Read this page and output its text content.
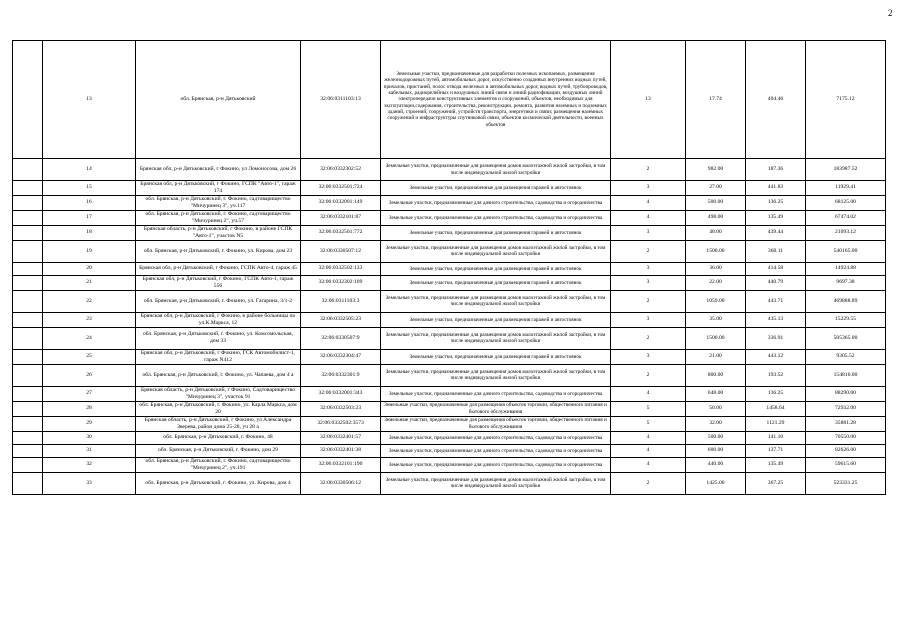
2
	13	обл. Брянская, р-н Дятьковский	32:06:0311103:13	Земельные участки, предназначенные для разработки полезных ископаемых, размещения железнодорожных путей, автомобильных дорог, искусственно созданных внутренних водных путей, причалов, пристаней, полос отвода железных и автомобильных дорог, водных путей, трубопроводов, кабельных, радиорелейных и воздушных линий связи и линий радиофикации, воздушных линий электропередачи конструктивных элементов и сооружений, объектов, необходимых для эксплуатации,содержания, строительства, реконструкции, ремонта, развития наземных и подземных зданий, строений, сооружений, устройств транспорта, энергетики и связи; размещения наземных сооружений и инфраструктуры спутниковой связи, объектов космической деятельности, военных объектов	13	17.74	404.46	7175.12
	14	Брянская обл, р-н Дятьковский, г Фокино, ул Ломоносова, дом 26	32:06:0332302:52	Земельные участки, предназначенные для размещения домов малоэтажной жилой застройки, в том числе индивидуальной жилой застройки	2	982.00	187.36	183987.52
	15	Брянская обл, р-н Дятьковский, г Фокино, ГСПК "Авто-1", гараж 174	32:06:0332501:724	Земельные участки, предназначенные для размещения гаражей и автостоянок	3	27.00	441.83	11929.41
	16	обл. Брянская, р-н Дятьковский, г. Фокино, садтоварищество "Мичуринец 3", уч.117	32:06:0332001:149	Земельные участки, предназначенные для дачного строительства, садоводства и огородничества	4	500.00	136.25	68125.00
	17	обл. Брянская, р-н Дятьковский, г. Фокино, садтоварищество "Мичуринец 2", уч.57	32:06:0332101:87	Земельные участки, предназначенные для дачного строительства, садоводства и огородничества	4	498.00	135.49	67474.02
	18	Брянская область, р-н Дятьковский, г Фокино, в районе ГСПК "Авто-1", участок N5	32:06:0332501:772	Земельные участки, предназначенные для размещения гаражей и автостоянок	3	48.00	439.44	21093.12
	19	обл. Брянская, р-н Дятьковский, г. Фокино, ул. Кирова, дом 23	32:06:0330507:12	Земельные участки, предназначенные для размещения домов малоэтажной жилой застройки, в том числе индивидуальной жилой застройки	2	1500.00	360.11	540165.00
	20	Брянская обл, р-н Дятьковский, г Фокино, ГСПК Авто-4, гараж 45	32:06:0332502:133	Земельные участки, предназначенные для размещения гаражей и автостоянок	3	36.00	414.58	14924.88
	21	Брянская обл, р-н Дятьковский, г Фокино, ГСПК Авто-1, гараж 556	32:06:0332302:109	Земельные участки, предназначенные для размещения гаражей и автостоянок	3	22.00	440.79	9697.38
	22	обл. Брянская, р-н Дятьковский, г. Фокино, ул. Гагарина, 3/1-2	32:06:0311103:3	Земельные участки, предназначенные для размещения домов малоэтажной жилой застройки, в том числе индивидуальной жилой застройки	2	1059.00	443.71	469888.89
	23	Брянская обл, р-н Дятьковский, г Фокино, в районе больницы по ул.К.Маркса, 12	32:06:0332505:23	Земельные участки, предназначенные для размещения гаражей и автостоянок	3	35.00	435.13	15229.55
	24	обл. Брянская, р-н Дятьковский, г. Фокино, ул. Комсомольская, дом 33	32:06:0330507:9	Земельные участки, предназначенные для размещения домов малоэтажной жилой застройки, в том числе индивидуальной жилой застройки	2	1500.00	336.91	505365.00
	25	Брянская обл, р-н Дятьковский, г Фокино, ГСК Автомобилист-1, гараж N412	32:06:0332304:47	Земельные участки, предназначенные для размещения гаражей и автостоянок	3	21.00	443.12	9305.52
	26	обл. Брянская, р-н Дятьковский, г. Фокино, ул. Чапаева, дом 4 а	32:06:0332301:9	Земельные участки, предназначенные для размещения домов малоэтажной жилой застройки, в том числе индивидуальной жилой застройки	2	800.00	193.52	154816.00
	27	Брянская область, р-н Дятьковский, г Фокино, Садтоварищество "Мичуринец 3", участок 91	32:06:0332001:343	Земельные участки, предназначенные для дачного строительства, садоводства и огородничества	4	648.00	136.25	88290.00
	28	обл. Брянская, р-н Дятьковский, г. Фокино, ул. Карла Маркса, дом 20	32:06:0332503:23	Земельные участки, предназначенные для размещения объектов торговли, общественного питания и бытового обслуживания	5	50.00	1458.64	72932.00
	29	Брянская область, р-н Дятьковский, г Фокино, ул Александра Зверева, район дома 25-28, уч 28 а	32:06:0332502:3573	Земельные участки, предназначенные для размещения объектов торговли, общественного питания и бытового обслуживания	5	32.00	1121.29	35881.28
	30	обл. Брянская, р-н Дятьковский, г. Фокино, 48	32:06:0332401:57	Земельные участки, предназначенные для дачного строительства, садоводства и огородничества	4	500.00	141.10	70550.00
	31	обл. Брянская, р-н Дятьковский, г. Фокино, дом 29	32:06:0332401:38	Земельные участки, предназначенные для дачного строительства, садоводства и огородничества	4	600.00	137.71	82626.00
	32	обл. Брянская, р-н Дятьковский, г. Фокино, садтоварищество "Мичуринец 2", уч.191	32:06:0332101:190	Земельные участки, предназначенные для дачного строительства, садоводства и огородничества	4	440.00	135.49	59615.60
	33	обл. Брянская, р-н Дятьковский, г. Фокино, ул. Кирова, дом 4	32:06:0330506:12	Земельные участки, предназначенные для размещения домов малоэтажной жилой застройки, в том числе индивидуальной жилой застройки	2	1425.00	367.25	523331.25
